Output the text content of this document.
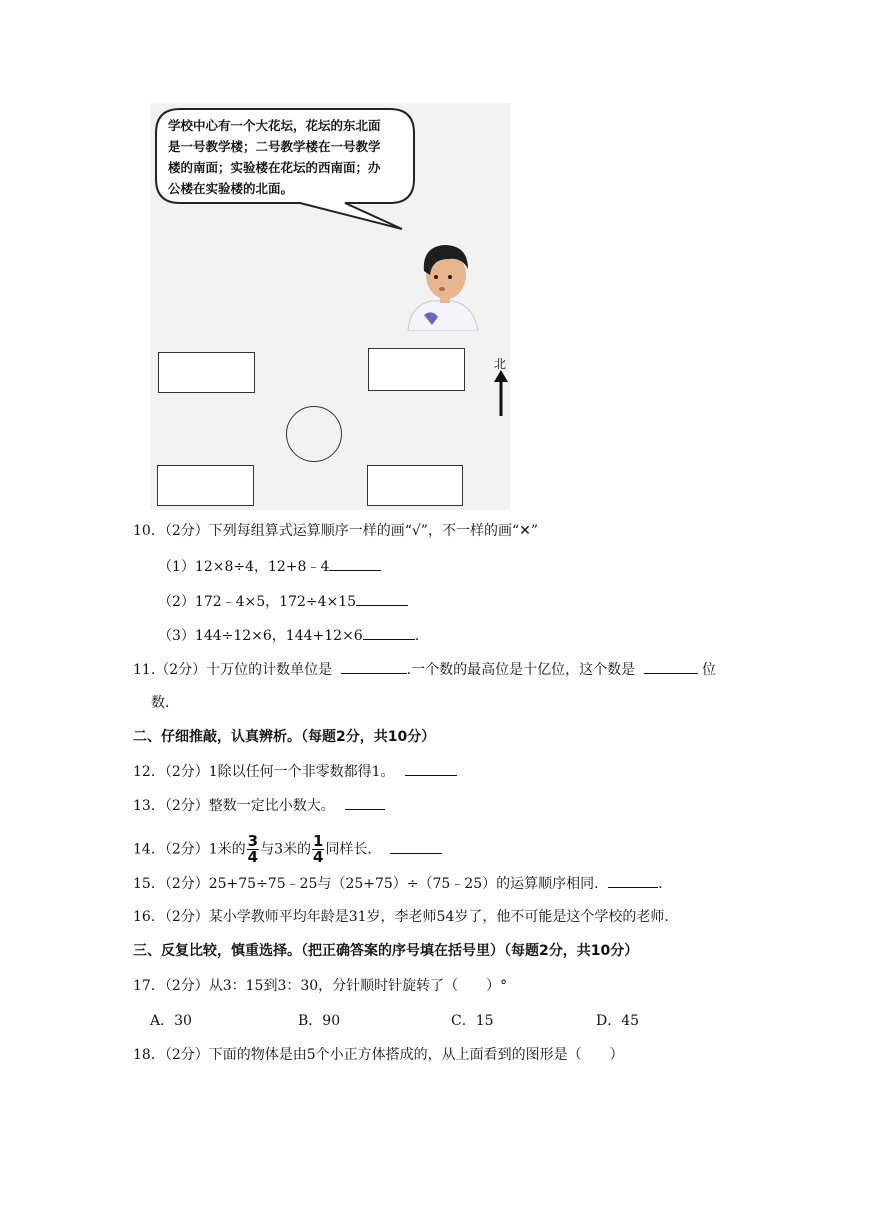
学校中心有一个大花坛，花坛的东北面
是一号教学楼；二号教学楼在一号教学
楼的南面；实验楼在花坛的西南面；办
公楼在实验楼的北面。
北
10．（2分）下列每组算式运算顺序一样的画“√”，不一样的画“✕”
（1）12×8÷4，12+8﹣4
（2）172﹣4×5，172÷4×15
（3）144÷12×6，144+12×6	.
11.（2分）十万位的计数单位是	.一个数的最高位是十亿位，这个数是	位
数.
二、仔细推敲，认真辨析。（每题2分，共10分）
12．（2分）1除以任何一个非零数都得1。
13．（2分）整数一定比小数大。
14．（2分）1米的 $\frac{3}{4}$ 与3米的 $\frac{1}{4}$ 同样长．
15．（2分）25+75÷75﹣25与（25+75）÷（75﹣25）的运算顺序相同．	.
16．（2分）某小学教师平均年龄是31岁，李老师54岁了，他不可能是这个学校的老师.
三、反复比较，慎重选择。（把正确答案的序号填在括号里）（每题2分，共10分）
17．（2分）从3：15到3：30，分针顺时针旋转了（　　）°
A．30	B．90	C．15	D．45
18．（2分）下面的物体是由5个小正方体搭成的，从上面看到的图形是（　　）
